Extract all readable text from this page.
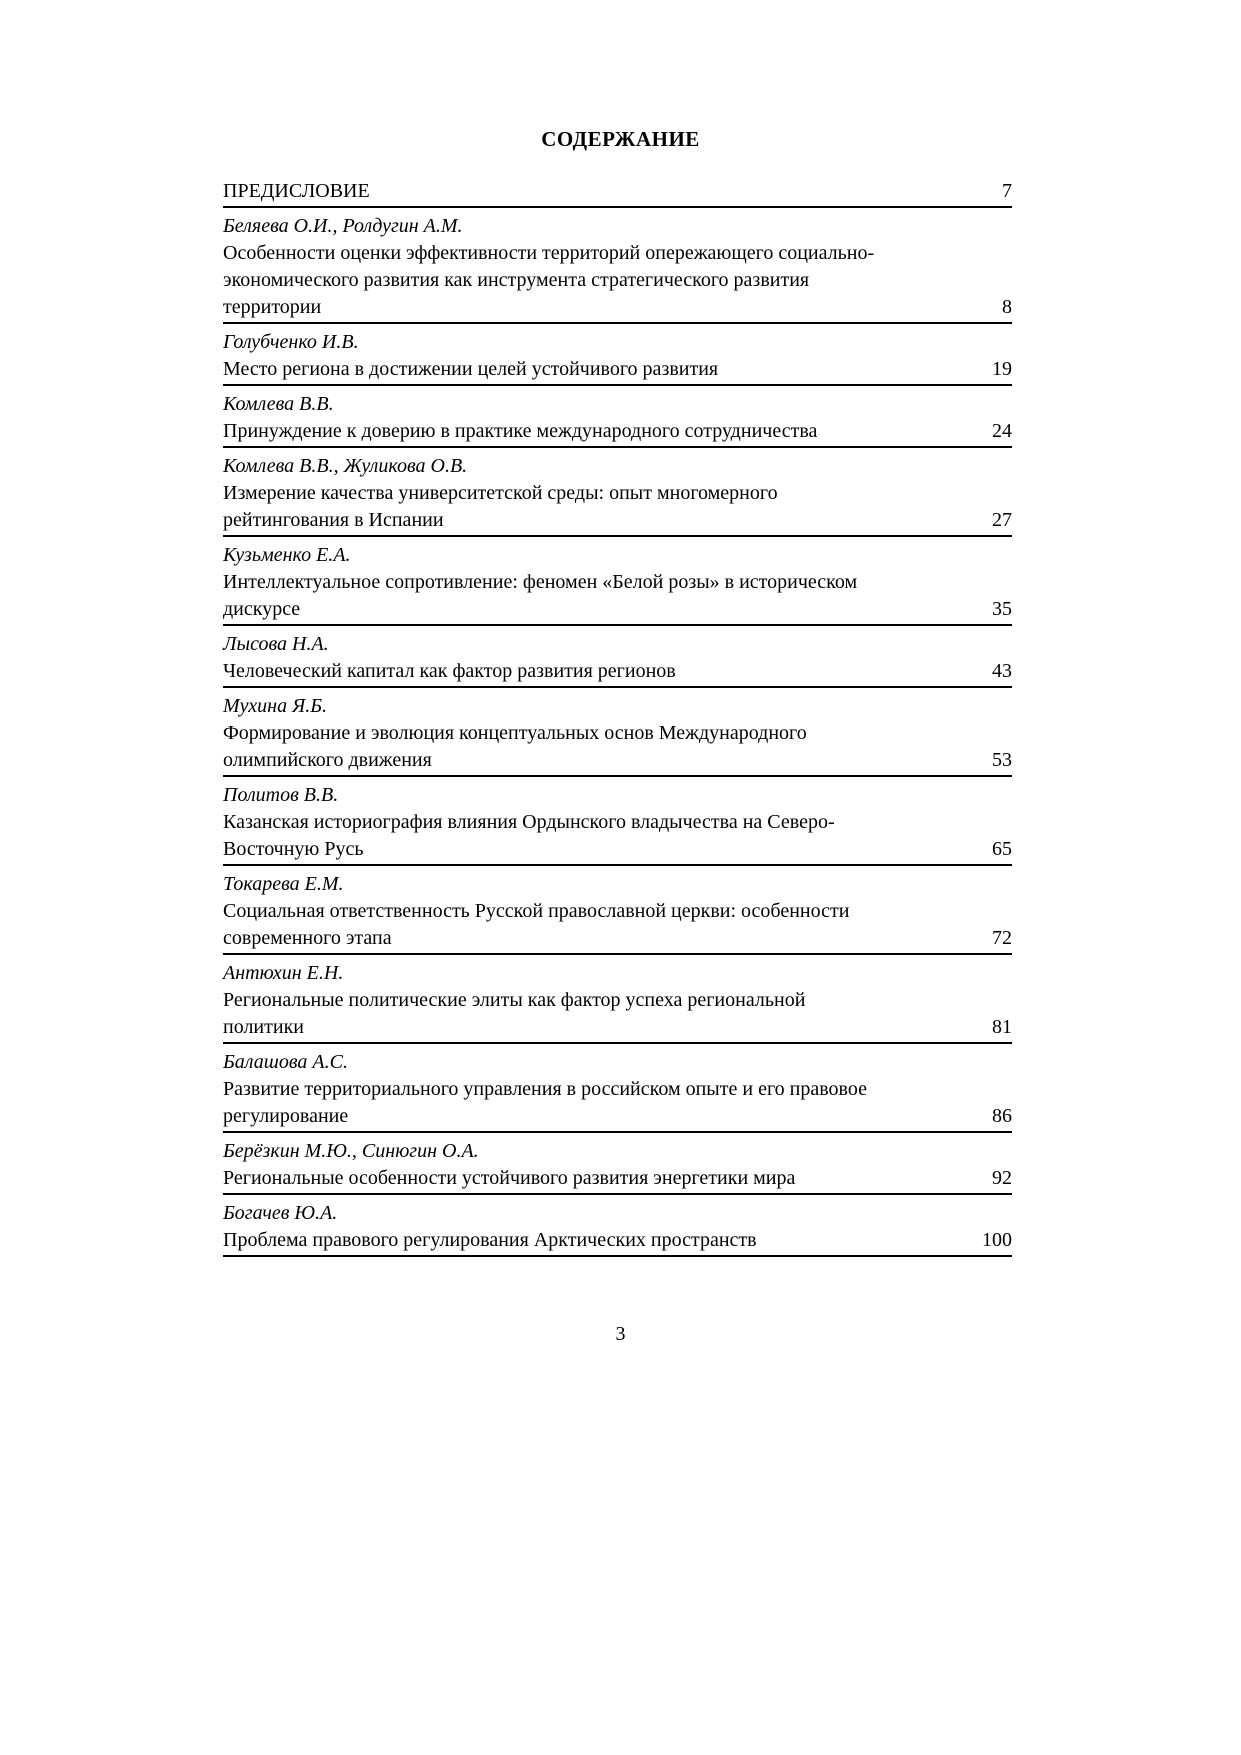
СОДЕРЖАНИЕ
ПРЕДИСЛОВИЕ	7
Беляева О.И., Ролдугин А.М.
Особенности оценки эффективности территорий опережающего социально-
экономического развития как инструмента стратегического развития
территории	8
Голубченко И.В.
Место региона в достижении целей устойчивого развития	19
Комлева В.В.
Принуждение к доверию в практике международного сотрудничества	24
Комлева В.В., Жуликова О.В.
Измерение качества университетской среды: опыт многомерного
рейтингования в Испании	27
Кузьменко Е.А.
Интеллектуальное сопротивление: феномен «Белой розы» в историческом
дискурсе	35
Лысова Н.А.
Человеческий капитал как фактор развития регионов	43
Мухина Я.Б.
Формирование и эволюция концептуальных основ Международного
олимпийского движения	53
Политов В.В.
Казанская историография влияния Ордынского владычества на Северо-
Восточную Русь	65
Токарева Е.М.
Социальная ответственность Русской православной церкви: особенности
современного этапа	72
Антюхин Е.Н.
Региональные политические элиты как фактор успеха региональной
политики	81
Балашова А.С.
Развитие территориального управления в российском опыте и его правовое
регулирование	86
Берёзкин М.Ю., Синюгин О.А.
Региональные особенности устойчивого развития энергетики мира	92
Богачев Ю.А.
Проблема правового регулирования Арктических пространств	100
3
